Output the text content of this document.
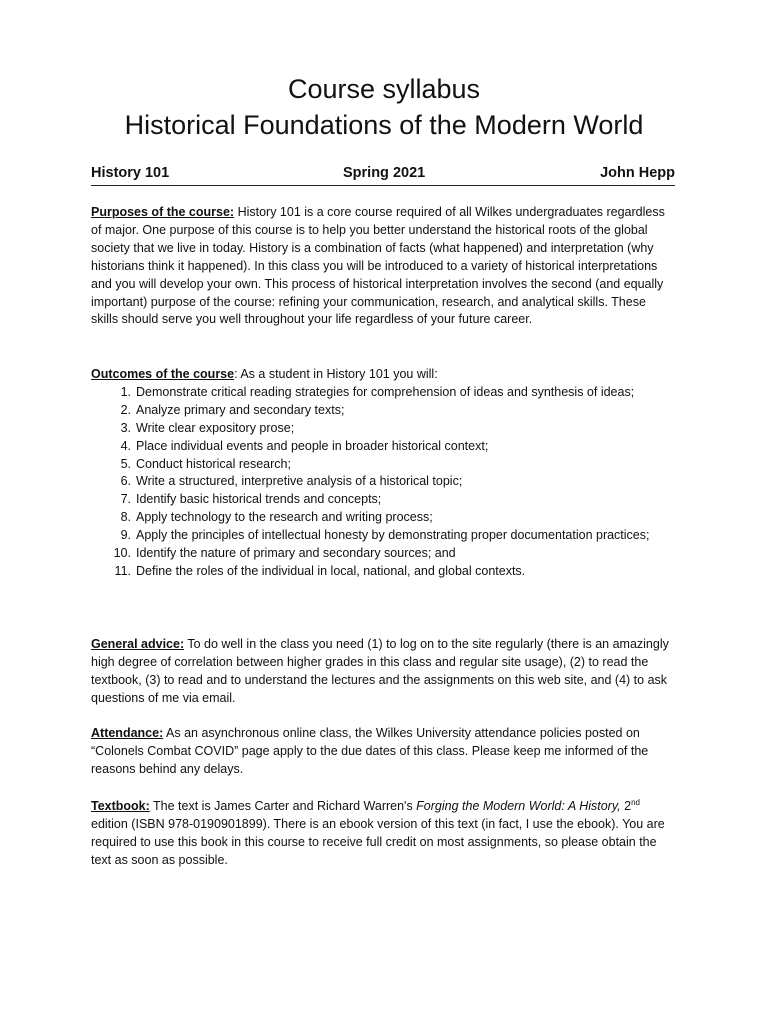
Course syllabus
Historical Foundations of the Modern World
History 101	Spring 2021	John Hepp

Purposes of the course: History 101 is a core course required of all Wilkes undergraduates regardless of major. One purpose of this course is to help you better understand the historical roots of the global society that we live in today. History is a combination of facts (what happened) and interpretation (why historians think it happened). In this class you will be introduced to a variety of historical interpretations and you will develop your own. This process of historical interpretation involves the second (and equally important) purpose of the course: refining your communication, research, and analytical skills. These skills should serve you well throughout your life regardless of your future career.

Outcomes of the course: As a student in History 101 you will:

1. Demonstrate critical reading strategies for comprehension of ideas and synthesis of ideas;
2. Analyze primary and secondary texts;
3. Write clear expository prose;
4. Place individual events and people in broader historical context;
5. Conduct historical research;
6. Write a structured, interpretive analysis of a historical topic;
7. Identify basic historical trends and concepts;
8. Apply technology to the research and writing process;
9. Apply the principles of intellectual honesty by demonstrating proper documentation practices;
10. Identify the nature of primary and secondary sources; and
11. Define the roles of the individual in local, national, and global contexts.

General advice: To do well in the class you need (1) to log on to the site regularly (there is an amazingly high degree of correlation between higher grades in this class and regular site usage), (2) to read the textbook, (3) to read and to understand the lectures and the assignments on this web site, and (4) to ask questions of me via email.

Attendance: As an asynchronous online class, the Wilkes University attendance policies posted on “Colonels Combat COVID” page apply to the due dates of this class. Please keep me informed of the reasons behind any delays.

Textbook: The text is James Carter and Richard Warren's Forging the Modern World: A History, 2nd edition (ISBN 978-0190901899). There is an ebook version of this text (in fact, I use the ebook). You are required to use this book in this course to receive full credit on most assignments, so please obtain the text as soon as possible.
